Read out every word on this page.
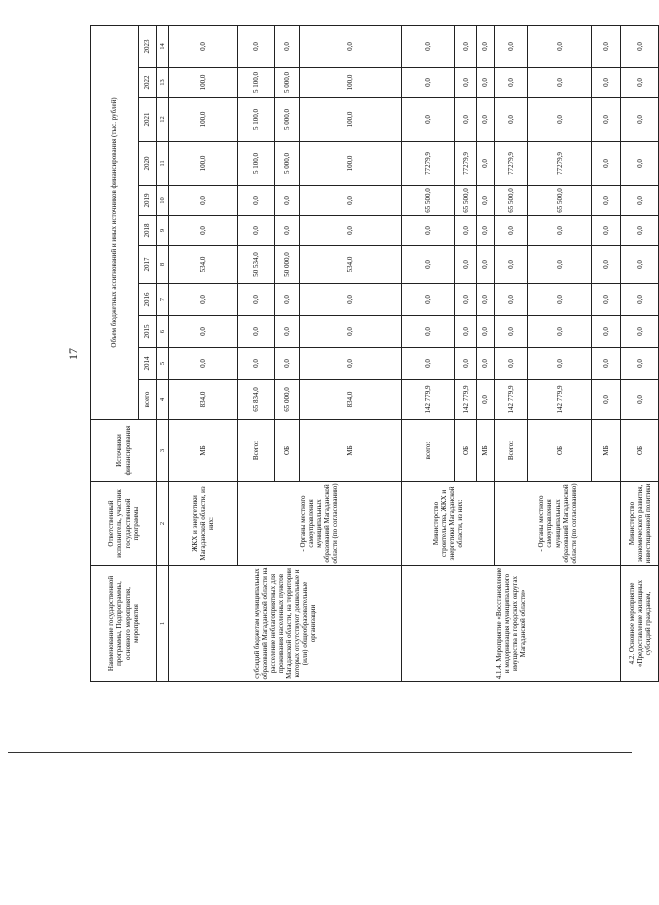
17
Наименование государственной программы, Подпрограммы, основного мероприятия, мероприятия	Ответственный исполнитель, участник государственной программы	Источники финансирования	Объем бюджетных ассигнований и иных источников финансирования (тыс. рублей)										
			всего	2014	2015	2016	2017	2018	2019	2020	2021	2022	2023
1	2	3	4	5	6	7	8	9	10	11	12	13	14
субсидий бюджетам муниципальных образований Магаданской области на расселение неблагоприятных для проживания населенных пунктов Магаданской области, на территории которых отсутствуют дошкольные и (или) общеобразовательные организации	ЖКХ и энергетики Магаданской области, из них:	МБ	834,0	0,0	0,0	0,0	534,0	0,0	0,0	100,0	100,0	100,0	0,0
	- Органы местного самоуправления муниципальных образований Магаданской области (по согласованию)	Всего:	65 834,0	0,0	0,0	0,0	50 534,0	0,0	0,0	5 100,0	5 100,0	5 100,0	0,0
		ОБ	65 000,0	0,0	0,0	0,0	50 000,0	0,0	0,0	5 000,0	5 000,0	5 000,0	0,0
		МБ	834,0	0,0	0,0	0,0	534,0	0,0	0,0	100,0	100,0	100,0	0,0
4.1.4. Мероприятие «Восстановление и модернизация муниципального имущества в городских округах Магаданской области»	Министерство строительства, ЖКХ и энергетики Магаданской области, из них:	всего:	142 779,9	0,0	0,0	0,0	0,0	0,0	65 500,0	77279,9	0,0	0,0	0,0
		ОБ	142 779,9	0,0	0,0	0,0	0,0	0,0	65 500,0	77279,9	0,0	0,0	0,0
		МБ	0,0	0,0	0,0	0,0	0,0	0,0	0,0	0,0	0,0	0,0	0,0
	- Органы местного самоуправления муниципальных образований Магаданской области (по согласованию)	Всего:	142 779,9	0,0	0,0	0,0	0,0	0,0	65 500,0	77279,9	0,0	0,0	0,0
		ОБ	142 779,9	0,0	0,0	0,0	0,0	0,0	65 500,0	77279,9	0,0	0,0	0,0
		МБ	0,0	0,0	0,0	0,0	0,0	0,0	0,0	0,0	0,0	0,0	0,0
4.2. Основное мероприятие «Предоставление жилищных субсидий гражданам,	Министерство экономического развития, инвестиционной политики	ОБ	0,0	0,0	0,0	0,0	0,0	0,0	0,0	0,0	0,0	0,0	0,0
